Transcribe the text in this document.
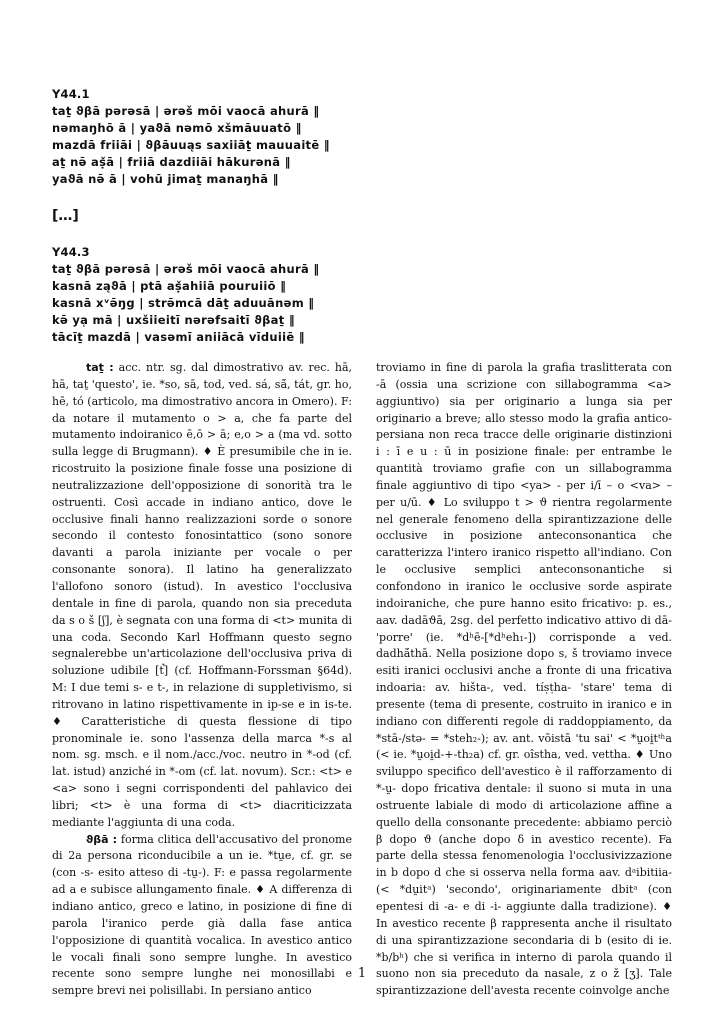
Y44.1
taṯ ϑβā pərəsā | ərəš mōi vaocā ahurā ‖
nəmaŋhō ā | yaϑā nəmō xšmāuuatō ‖
mazdā friiāi | ϑβāuuąs saxiiāṯ mauuaitē ‖
aṯ nə̄ aṣ̌ā | friiā dazdiiāi hākurənā ‖
yaϑā nə̄ ā | vohū jimaṯ manaŋhā ‖
[…]
Y44.3
taṯ ϑβā pərəsā | ərəš mōi vaocā ahurā ‖
kasnā ząϑā | ptā aṣ̌ahiiā pouruiiō ‖
kasnā xᵛə̄ŋg | strə̄mcā dāṯ aduuānəm ‖
kə̄ ya̜ mā | uxšiieitī nərəfsaitī ϑβaṯ ‖
tācīṯ mazdā | vasəmī aniiācā vīduiiē ‖

taṯ : acc. ntr. sg. dal dimostrativo av. rec. hā, hā, taṯ 'questo', ie. *so, sā, tod, ved. sá, sā́, tát, gr. ho, hē, tó (articolo, ma dimostrativo ancora in Omero). F: da notare il mutamento o > a, che fa parte del mutamento indoiranico ē,ō > ā; e,o > a (ma vd. sotto sulla legge di Brugmann). ♦ È presumibile che in ie. ricostruito la posizione finale fosse una posizione di neutralizzazione dell'opposizione di sonorità tra le ostruenti. Così accade in indiano antico, dove le occlusive finali hanno realizzazioni sorde o sonore secondo il contesto fonosintattico (sono sonore davanti a parola iniziante per vocale o per consonante sonora). Il latino ha generalizzato l'allofono sonoro (istud). In avestico l'occlusiva dentale in fine di parola, quando non sia preceduta da s o š [ʃ], è segnata con una forma di <t> munita di una coda. Secondo Karl Hoffmann questo segno segnalerebbe un'articolazione dell'occlusiva priva di soluzione udibile [t̚] (cf. Hoffmann-Forssman §64d). M: I due temi s- e t-, in relazione di suppletivismo, si ritrovano in latino rispettivamente in ip-se e in is-te. ♦ Caratteristiche di questa flessione di tipo pronominale ie. sono l'assenza della marca *-s al nom. sg. msch. e il nom./acc./voc. neutro in *-od (cf. lat. istud) anziché in *-om (cf. lat. novum). Scr.: <t> e <a> sono i segni corrispondenti del pahlavico dei libri; <t> è una forma di <t> diacriticizzata mediante l'aggiunta di una coda.

ϑβā : forma clitica dell'accusativo del pronome di 2a persona riconducibile a un ie. *tu̯e, cf. gr. se (con -s- esito atteso di -tu̯-). F: e passa regolarmente ad a e subisce allungamento finale. ♦ A differenza di indiano antico, greco e latino, in posizione di fine di parola l'iranico perde già dalla fase antica l'opposizione di quantità vocalica. In avestico antico le vocali finali sono sempre lunghe. In avestico recente sono sempre lunghe nei monosillabi e sempre brevi nei polisillabi. In persiano antico

troviamo in fine di parola la grafia traslitterata con -ā (ossia una scrizione con sillabogramma <a> aggiuntivo) sia per originario a lunga sia per originario a breve; allo stesso modo la grafia antico-persiana non reca tracce delle originarie distinzioni i : ī e u : ū in posizione finale: per entrambe le quantità troviamo grafie con un sillabogramma finale aggiuntivo di tipo <ya> - per i/ī – o <va> – per u/ū. ♦ Lo sviluppo t > ϑ rientra regolarmente nel generale fenomeno della spirantizzazione delle occlusive in posizione anteconsonantica che caratterizza l'intero iranico rispetto all'indiano. Con le occlusive semplici anteconsonantiche si confondono in iranico le occlusive sorde aspirate indoiraniche, che pure hanno esito fricativo: p. es., aav. dadāϑā, 2sg. del perfetto indicativo attivo di dā- 'porre' (ie. *dʰē-[*dʰeh₁-]) corrisponde a ved. dadhā́thā. Nella posizione dopo s, š troviamo invece esiti iranici occlusivi anche a fronte di una fricativa indoaria: av. hišta-, ved. tíṣṭha- 'stare' tema di presente (tema di presente, costruito in iranico e in indiano con differenti regole di raddoppiamento, da *stā-/stə- = *steh₂-); av. ant. vōistā 'tu sai' < *u̯oi̯tᵗʰa (< ie. *u̯oi̯d-+-th₂a) cf. gr. oîstha, ved. vettha. ♦ Uno sviluppo specifico dell'avestico è il rafforzamento di *-u̯- dopo fricativa dentale: il suono si muta in una ostruente labiale di modo di articolazione affine a quello della consonante precedente: abbiamo perciò β dopo ϑ (anche dopo δ in avestico recente). Fa parte della stessa fenomenologia l'occlusivizzazione in b dopo d che si osserva nella forma aav. dᵃibitiia- (< *du̯itᵃ) 'secondo', originariamente dbitᵃ (con epentesi di -a- e di -i- aggiunte dalla tradizione). ♦ In avestico recente β rappresenta anche il risultato di una spirantizzazione secondaria di b (esito di ie. *b/bʰ) che si verifica in interno di parola quando il suono non sia preceduto da nasale, z o ž [ʒ]. Tale spirantizzazione dell'avesta recente coinvolge anche

1
